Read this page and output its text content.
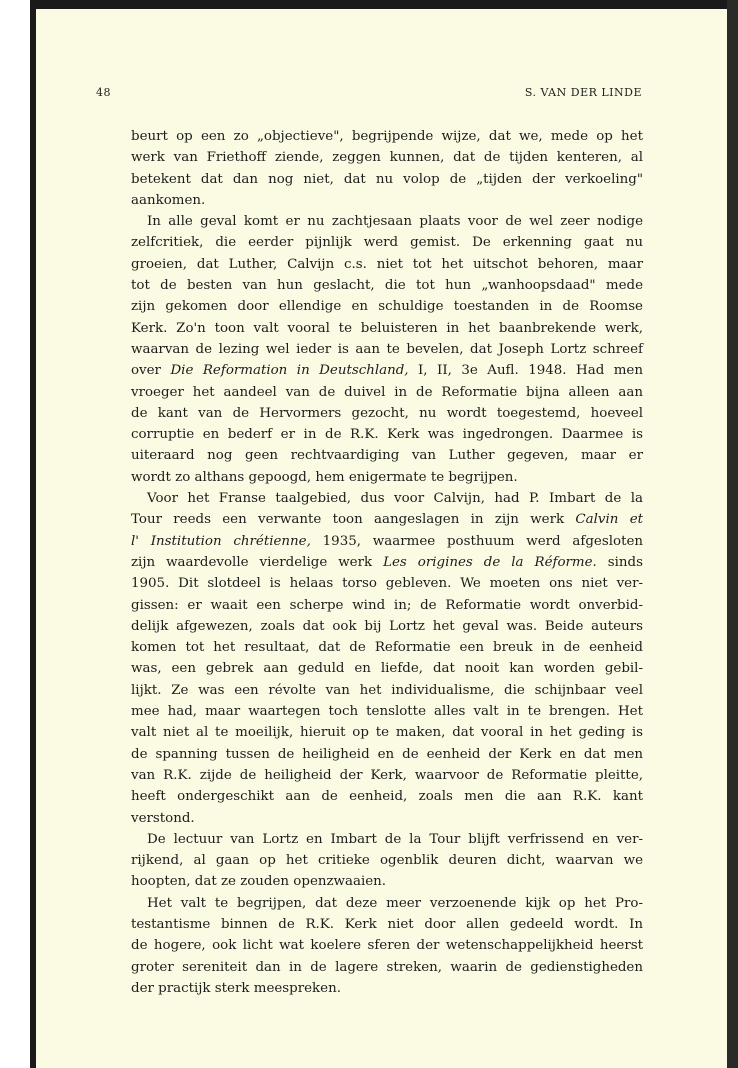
48	S. VAN DER LINDE
beurt op een zo „objectieve", begrijpende wijze, dat we, mede op het
werk van Friethoff ziende, zeggen kunnen, dat de tijden kenteren, al
betekent dat dan nog niet, dat nu volop de „tijden der verkoeling"
aankomen.
In alle geval komt er nu zachtjesaan plaats voor de wel zeer nodige
zelfcritiek, die eerder pijnlijk werd gemist. De erkenning gaat nu
groeien, dat Luther, Calvijn c.s. niet tot het uitschot behoren, maar
tot de besten van hun geslacht, die tot hun „wanhoopsdaad" mede
zijn gekomen door ellendige en schuldige toestanden in de Roomse
Kerk. Zo'n toon valt vooral te beluisteren in het baanbrekende werk,
waarvan de lezing wel ieder is aan te bevelen, dat Joseph Lortz schreef
over Die Reformation in Deutschland, I, II, 3e Aufl. 1948. Had men
vroeger het aandeel van de duivel in de Reformatie bijna alleen aan
de kant van de Hervormers gezocht, nu wordt toegestemd, hoeveel
corruptie en bederf er in de R.K. Kerk was ingedrongen. Daarmee is
uiteraard nog geen rechtvaardiging van Luther gegeven, maar er
wordt zo althans gepoogd, hem enigermate te begrijpen.
Voor het Franse taalgebied, dus voor Calvijn, had P. Imbart de la
Tour reeds een verwante toon aangeslagen in zijn werk Calvin et
l' Institution chrétienne, 1935, waarmee posthuum werd afgesloten
zijn waardevolle vierdelige werk Les origines de la Réforme. sinds
1905. Dit slotdeel is helaas torso gebleven. We moeten ons niet ver-
gissen: er waait een scherpe wind in; de Reformatie wordt onverbid-
delijk afgewezen, zoals dat ook bij Lortz het geval was. Beide auteurs
komen tot het resultaat, dat de Reformatie een breuk in de eenheid
was, een gebrek aan geduld en liefde, dat nooit kan worden gebil-
lijkt. Ze was een révolte van het individualisme, die schijnbaar veel
mee had, maar waartegen toch tenslotte alles valt in te brengen. Het
valt niet al te moeilijk, hieruit op te maken, dat vooral in het geding is
de spanning tussen de heiligheid en de eenheid der Kerk en dat men
van R.K. zijde de heiligheid der Kerk, waarvoor de Reformatie pleitte,
heeft ondergeschikt aan de eenheid, zoals men die aan R.K. kant
verstond.
De lectuur van Lortz en Imbart de la Tour blijft verfrissend en ver-
rijkend, al gaan op het critieke ogenblik deuren dicht, waarvan we
hoopten, dat ze zouden openzwaaien.
Het valt te begrijpen, dat deze meer verzoenende kijk op het Pro-
testantisme binnen de R.K. Kerk niet door allen gedeeld wordt. In
de hogere, ook licht wat koelere sferen der wetenschappelijkheid heerst
groter sereniteit dan in de lagere streken, waarin de gedienstigheden
der practijk sterk meespreken.
